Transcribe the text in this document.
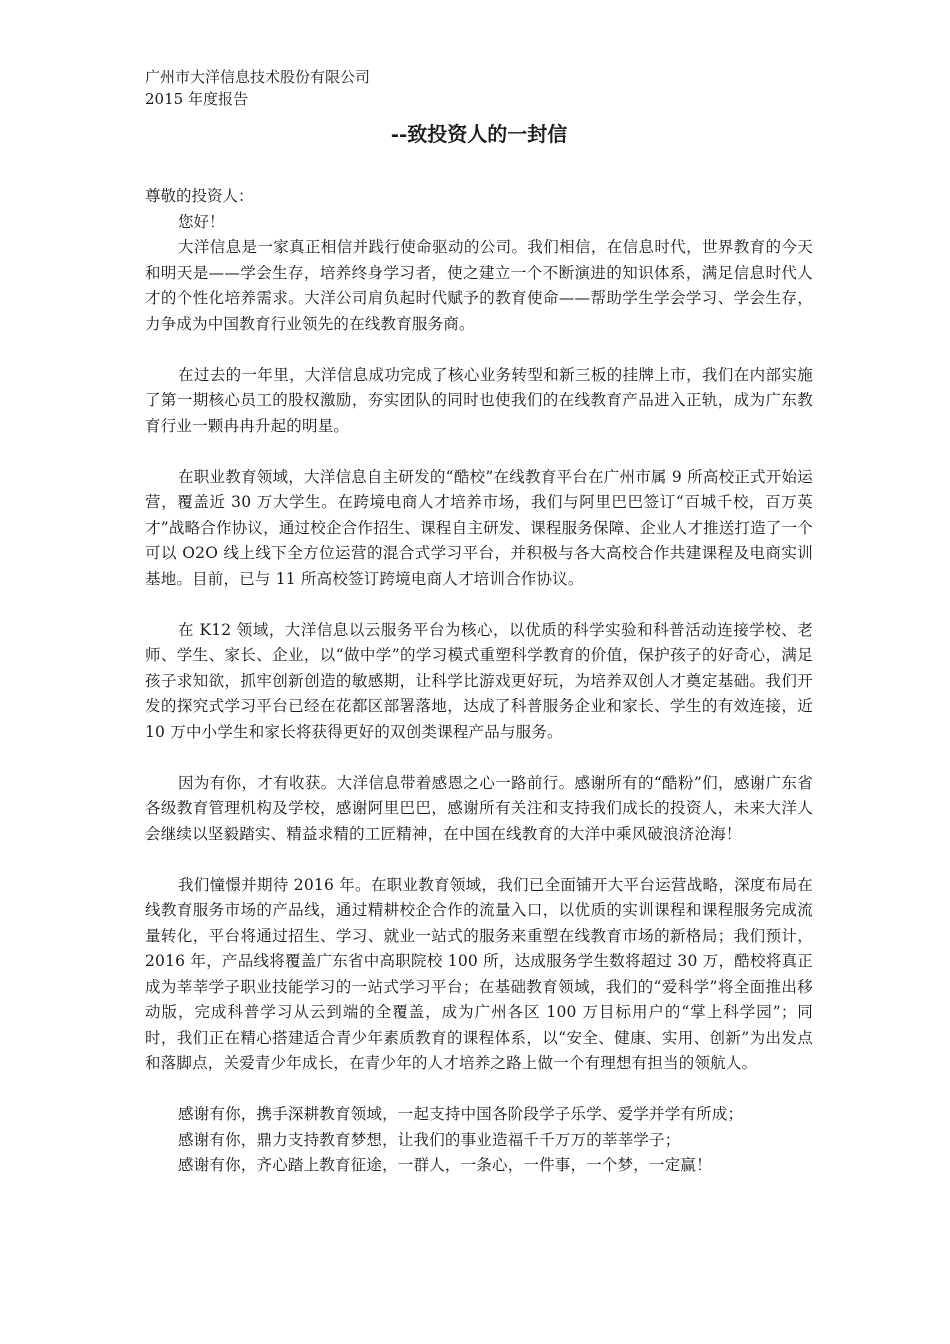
广州市大洋信息技术股份有限公司

2015 年度报告

--致投资人的一封信

尊敬的投资人：

您好！

大洋信息是一家真正相信并践行使命驱动的公司。我们相信，在信息时代，世界教育的今天和明天是——学会生存，培养终身学习者，使之建立一个不断演进的知识体系，满足信息时代人才的个性化培养需求。大洋公司肩负起时代赋予的教育使命——帮助学生学会学习、学会生存，力争成为中国教育行业领先的在线教育服务商。

在过去的一年里，大洋信息成功完成了核心业务转型和新三板的挂牌上市，我们在内部实施了第一期核心员工的股权激励，夯实团队的同时也使我们的在线教育产品进入正轨，成为广东教育行业一颗冉冉升起的明星。

在职业教育领域，大洋信息自主研发的“酷校”在线教育平台在广州市属 9 所高校正式开始运营，覆盖近 30 万大学生。在跨境电商人才培养市场，我们与阿里巴巴签订“百城千校，百万英才”战略合作协议，通过校企合作招生、课程自主研发、课程服务保障、企业人才推送打造了一个可以 O2O 线上线下全方位运营的混合式学习平台，并积极与各大高校合作共建课程及电商实训基地。目前，已与 11 所高校签订跨境电商人才培训合作协议。

在 K12 领域，大洋信息以云服务平台为核心，以优质的科学实验和科普活动连接学校、老师、学生、家长、企业，以“做中学”的学习模式重塑科学教育的价值，保护孩子的好奇心，满足孩子求知欲，抓牢创新创造的敏感期，让科学比游戏更好玩，为培养双创人才奠定基础。我们开发的探究式学习平台已经在花都区部署落地，达成了科普服务企业和家长、学生的有效连接，近 10 万中小学生和家长将获得更好的双创类课程产品与服务。

因为有你，才有收获。大洋信息带着感恩之心一路前行。感谢所有的“酷粉”们，感谢广东省各级教育管理机构及学校，感谢阿里巴巴，感谢所有关注和支持我们成长的投资人，未来大洋人会继续以坚毅踏实、精益求精的工匠精神，在中国在线教育的大洋中乘风破浪济沧海！

我们憧憬并期待 2016 年。在职业教育领域，我们已全面铺开大平台运营战略，深度布局在线教育服务市场的产品线，通过精耕校企合作的流量入口，以优质的实训课程和课程服务完成流量转化，平台将通过招生、学习、就业一站式的服务来重塑在线教育市场的新格局；我们预计，2016 年，产品线将覆盖广东省中高职院校 100 所，达成服务学生数将超过 30 万，酷校将真正成为莘莘学子职业技能学习的一站式学习平台；在基础教育领域，我们的“爱科学”将全面推出移动版，完成科普学习从云到端的全覆盖，成为广州各区 100 万目标用户的“掌上科学园”；同时，我们正在精心搭建适合青少年素质教育的课程体系，以“安全、健康、实用、创新”为出发点和落脚点，关爱青少年成长，在青少年的人才培养之路上做一个有理想有担当的领航人。

感谢有你，携手深耕教育领域，一起支持中国各阶段学子乐学、爱学并学有所成；

感谢有你，鼎力支持教育梦想，让我们的事业造福千千万万的莘莘学子；

感谢有你，齐心踏上教育征途，一群人，一条心，一件事，一个梦，一定赢！
